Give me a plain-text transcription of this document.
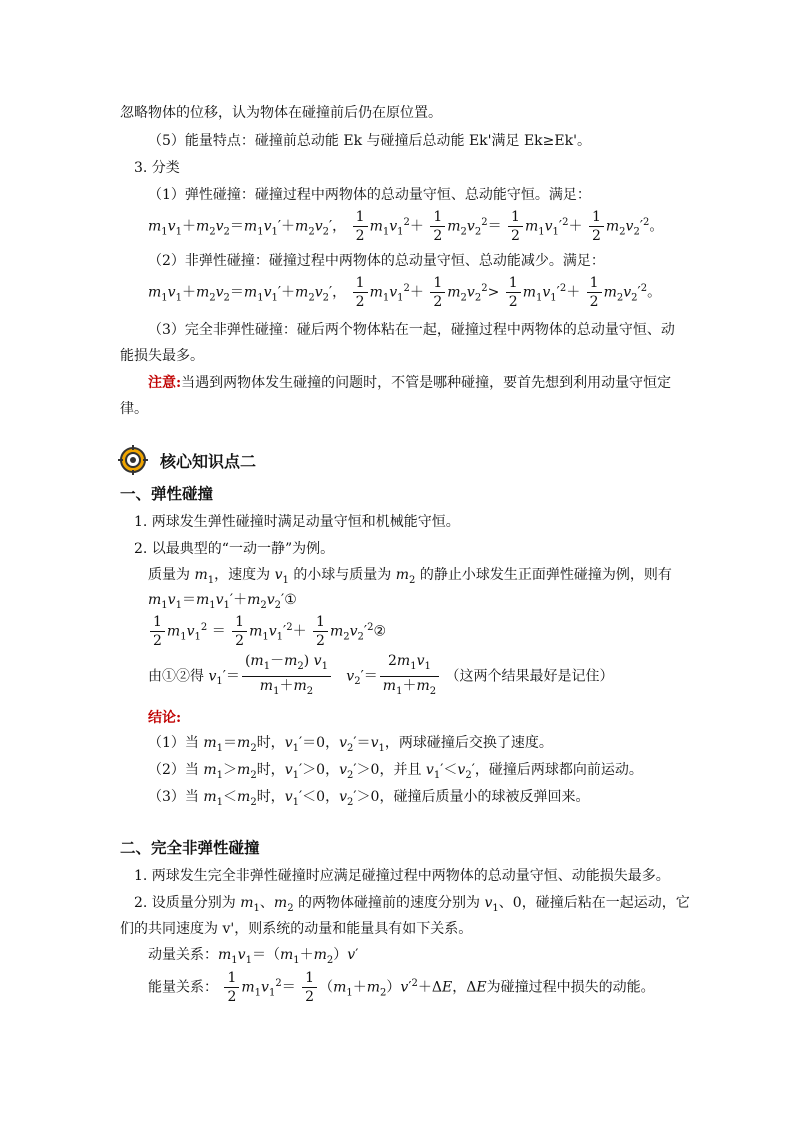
忽略物体的位移，认为物体在碰撞前后仍在原位置。
（5）能量特点：碰撞前总动能 Ek 与碰撞后总动能 Ek'满足 Ek≥Ek'。
3. 分类
（1）弹性碰撞：碰撞过程中两物体的总动量守恒、总动能守恒。满足：
$m_1v_1+m_2v_2=m_1v_1'+m_2v_2'$， $\frac{1}{2} m_1v_1^2+ \frac{1}{2} m_2v_2^2= \frac{1}{2} m_1v_1'^2+ \frac{1}{2} m_2v_2'^2$。
（2）非弹性碰撞：碰撞过程中两物体的总动量守恒、总动能减少。满足：
$m_1v_1+m_2v_2=m_1v_1'+m_2v_2'$， $\frac{1}{2} m_1v_1^2+ \frac{1}{2} m_2v_2^2> \frac{1}{2} m_1v_1'^2+ \frac{1}{2} m_2v_2'^2$。
（3）完全非弹性碰撞：碰后两个物体粘在一起，碰撞过程中两物体的总动量守恒、动
能损失最多。
注意:当遇到两物体发生碰撞的问题时，不管是哪种碰撞，要首先想到利用动量守恒定
律。
核心知识点二
一、弹性碰撞
1. 两球发生弹性碰撞时满足动量守恒和机械能守恒。
2. 以最典型的“一动一静”为例。
质量为 $m_1$，速度为 $v_1$ 的小球与质量为 $m_2$ 的静止小球发生正面弹性碰撞为例，则有
$m_1v_1=m_1v_1'+m_2v_2'①$
$\frac{1}{2} m_1v_1^2 = \frac{1}{2} m_1v_1'^2+ \frac{1}{2}$ $m_2v_2'^2②$
由①②得 $v_1'= \frac{(m_1-m_2) v_1}{m_1+m_2} v_2'= \frac{2m_1v_1}{m_1+m_2}$ （这两个结果最好是记住）
结论:
（1）当 $m_1=m_2$时，$v_1'=0$，$v_2'=v_1$，两球碰撞后交换了速度。
（2）当 $m_1>m_2$时，$v_1'>0$，$v_2'>0$，并且 $v_1'<v_2'$，碰撞后两球都向前运动。
（3）当 $m_1<m_2$时，$v_1'<0$，$v_2'>0$，碰撞后质量小的球被反弹回来。
二、完全非弹性碰撞
1. 两球发生完全非弹性碰撞时应满足碰撞过程中两物体的总动量守恒、动能损失最多。
2. 设质量分别为 $m_1$、$m_2$ 的两物体碰撞前的速度分别为 $v_1$、0，碰撞后粘在一起运动，它
们的共同速度为 v'，则系统的动量和能量具有如下关系。
动量关系：$m_1v_1=(m_1+m_2)v'$
能量关系： $\frac{1}{2} m_1v_1^2= \frac{1}{2} (m_1+m_2)v'^2+\Delta E$，ΔE为碰撞过程中损失的动能。
